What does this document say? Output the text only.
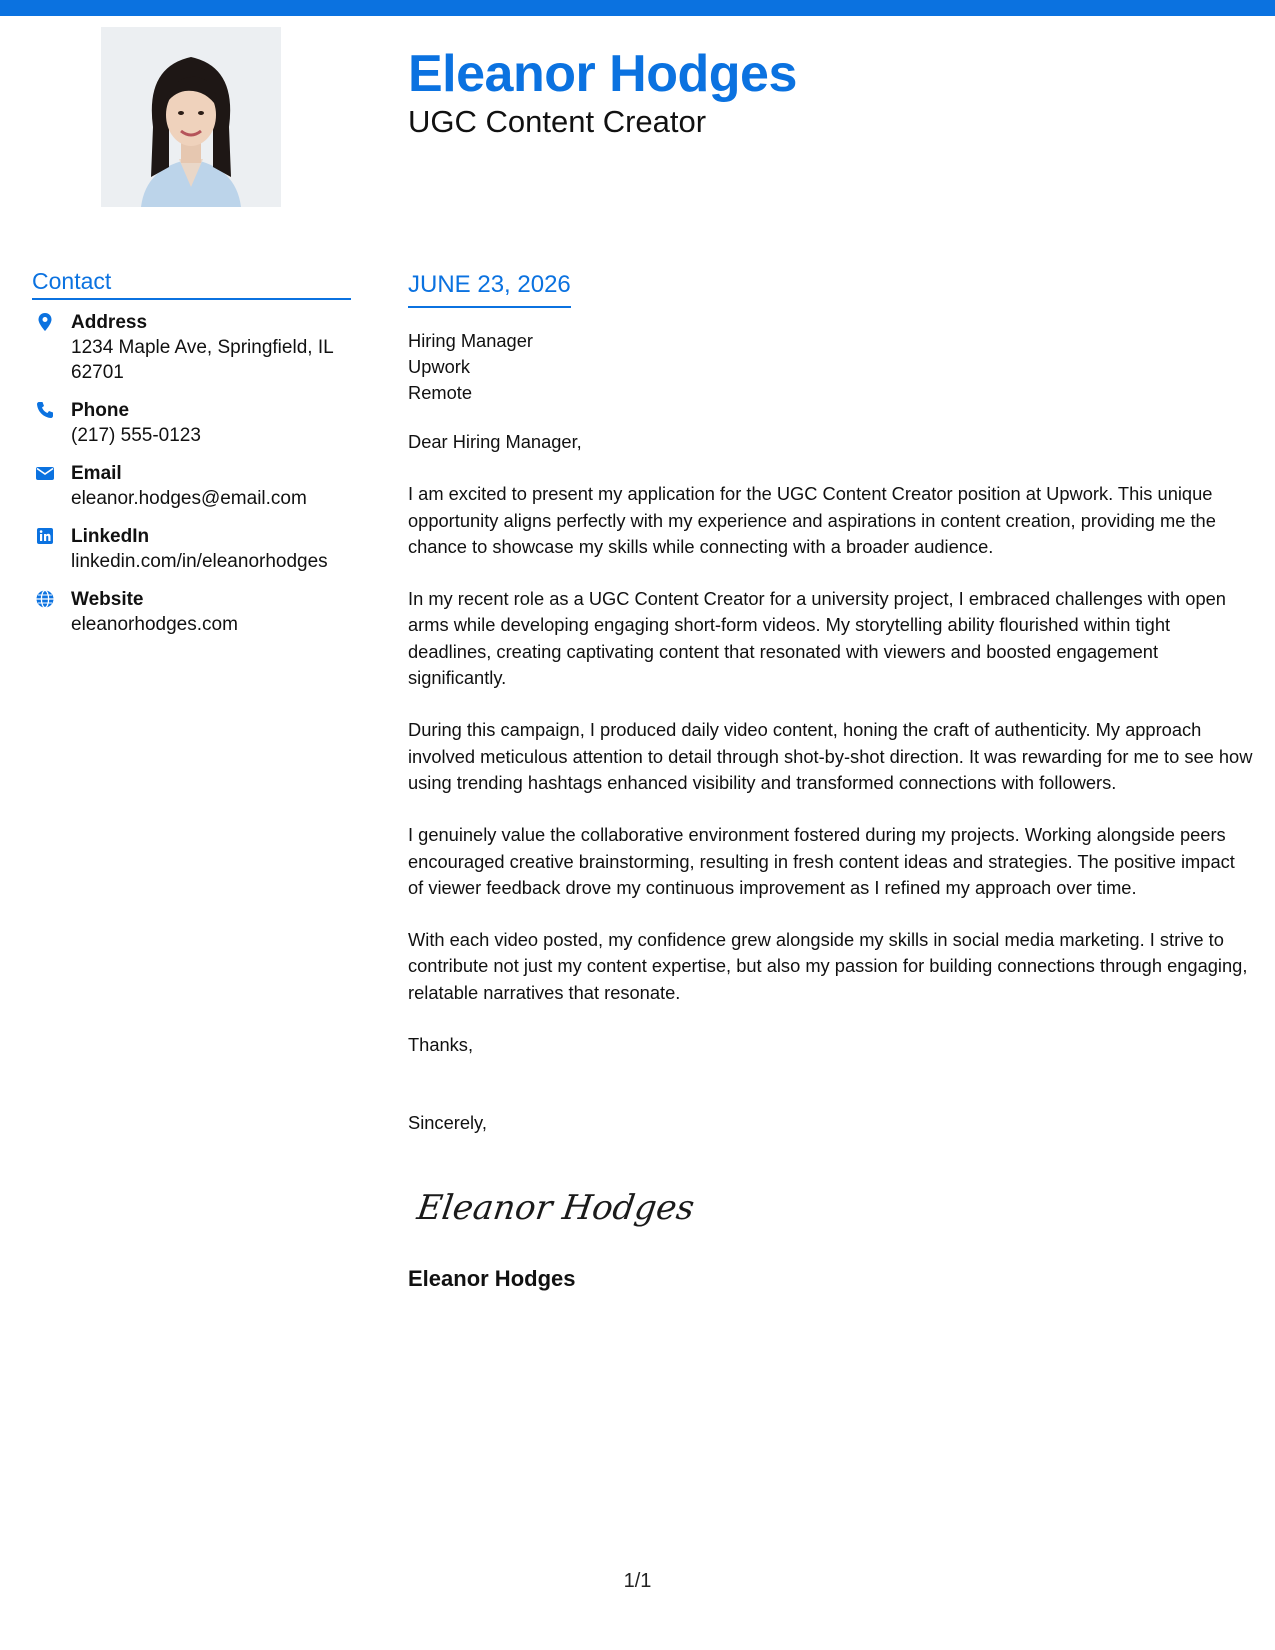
Eleanor Hodges
UGC Content Creator
Contact
Address
1234 Maple Ave, Springfield, IL 62701
Phone
(217) 555-0123
Email
eleanor.hodges@email.com
LinkedIn
linkedin.com/in/eleanorhodges
Website
eleanorhodges.com
JUNE 23, 2026
Hiring Manager
Upwork
Remote
Dear Hiring Manager,
I am excited to present my application for the UGC Content Creator position at Upwork. This unique opportunity aligns perfectly with my experience and aspirations in content creation, providing me the chance to showcase my skills while connecting with a broader audience.
In my recent role as a UGC Content Creator for a university project, I embraced challenges with open arms while developing engaging short-form videos. My storytelling ability flourished within tight deadlines, creating captivating content that resonated with viewers and boosted engagement significantly.
During this campaign, I produced daily video content, honing the craft of authenticity. My approach involved meticulous attention to detail through shot-by-shot direction. It was rewarding for me to see how using trending hashtags enhanced visibility and transformed connections with followers.
I genuinely value the collaborative environment fostered during my projects. Working alongside peers encouraged creative brainstorming, resulting in fresh content ideas and strategies. The positive impact of viewer feedback drove my continuous improvement as I refined my approach over time.
With each video posted, my confidence grew alongside my skills in social media marketing. I strive to contribute not just my content expertise, but also my passion for building connections through engaging, relatable narratives that resonate.
Thanks,
Sincerely,
Eleanor Hodges
Eleanor Hodges
1/1
